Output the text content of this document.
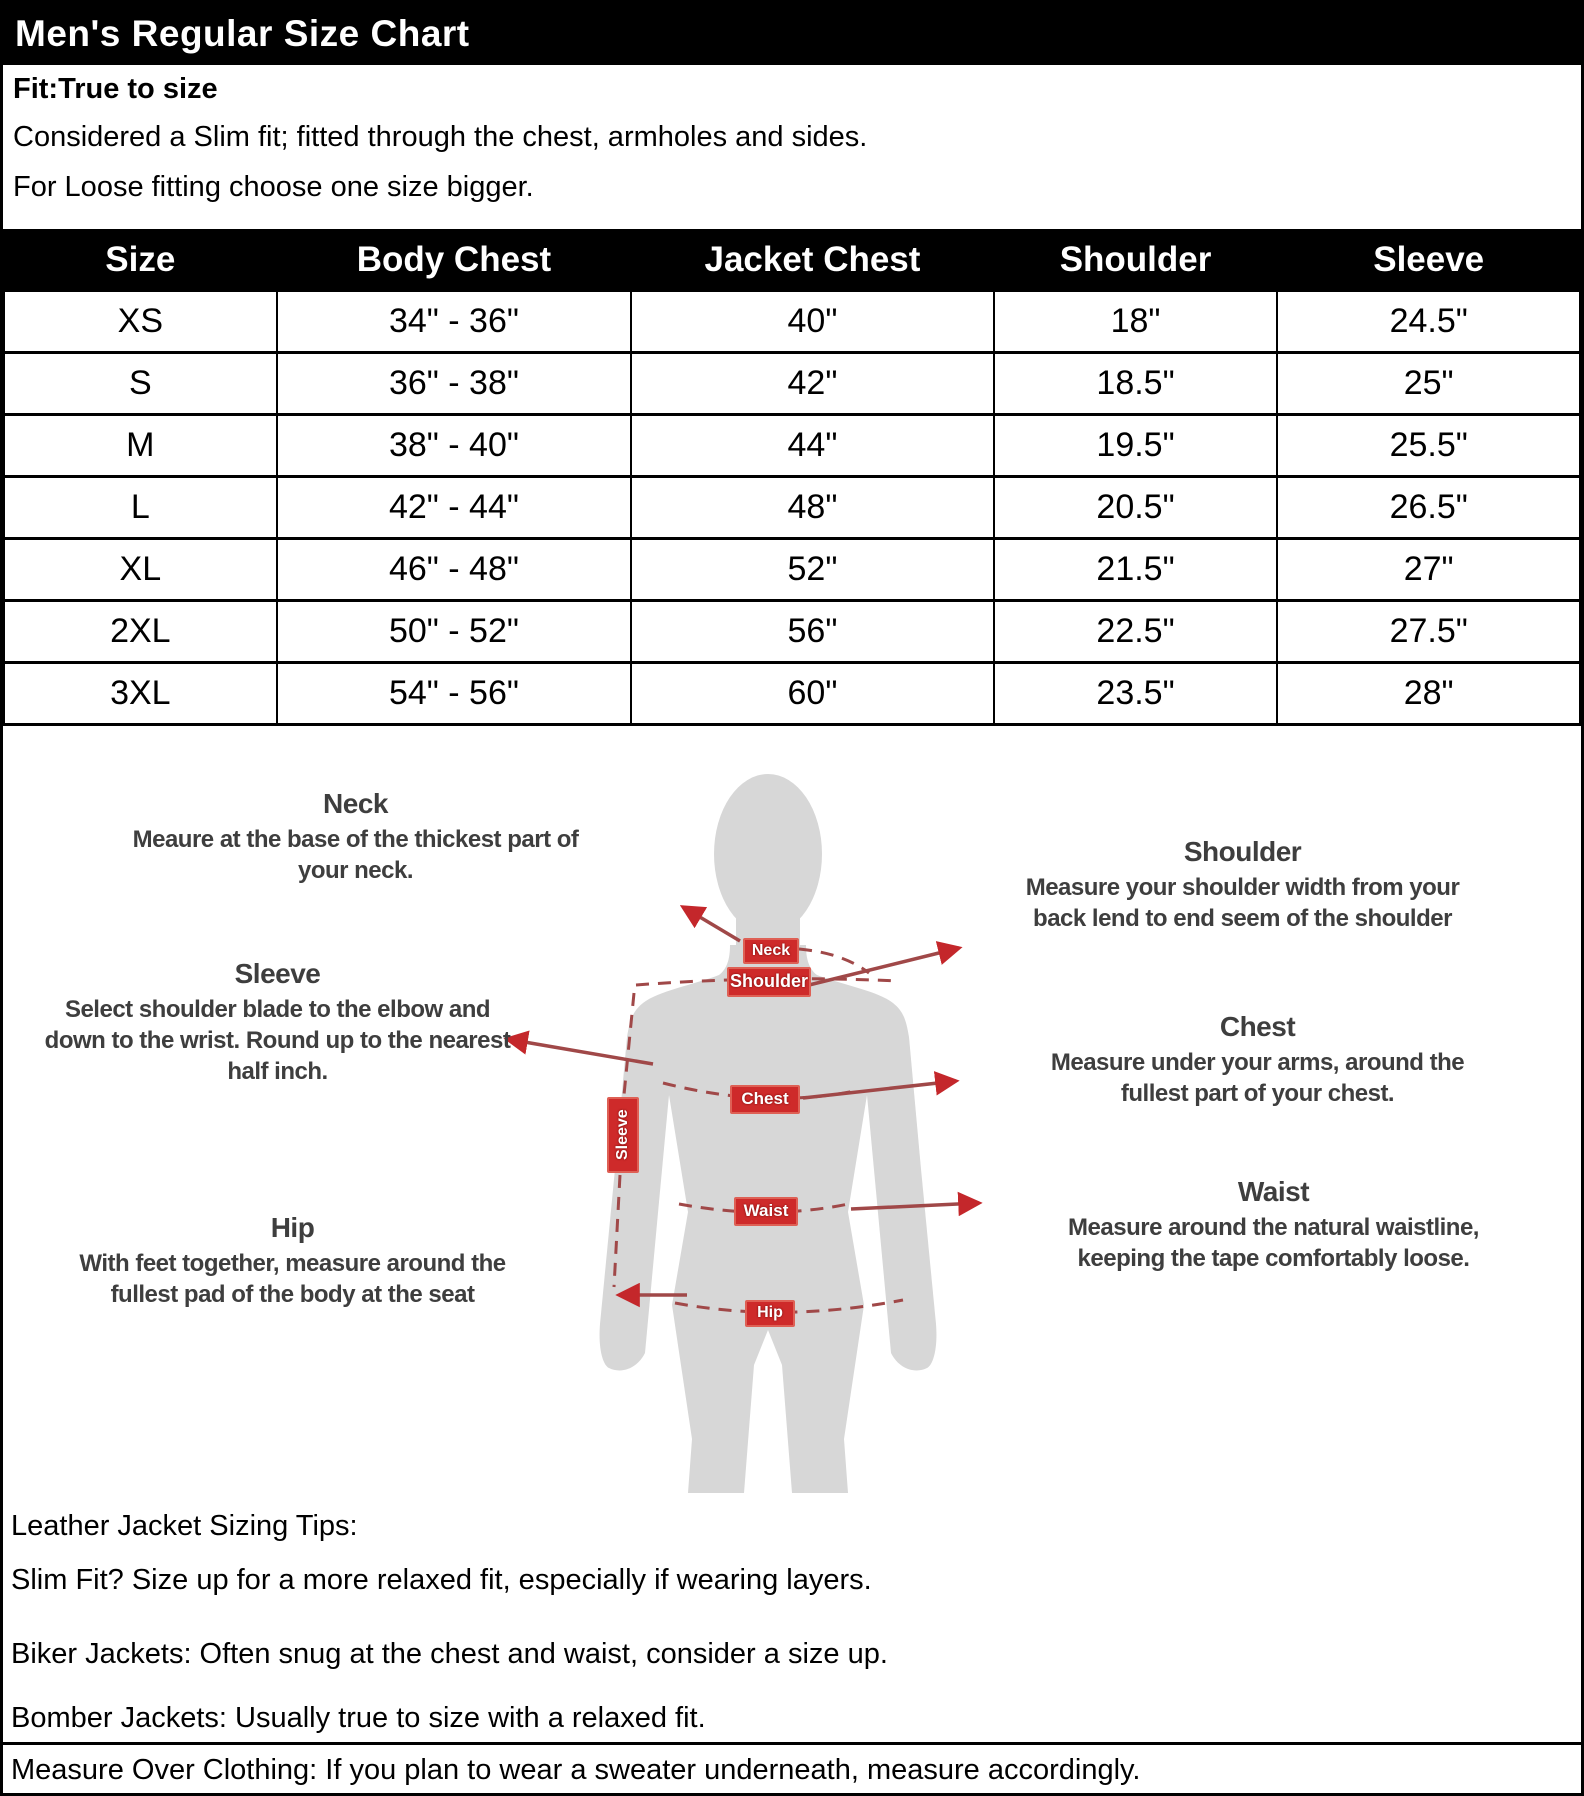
Men's Regular Size Chart
Fit:True to size
Considered a Slim fit; fitted through the chest, armholes and sides.
For Loose fitting choose one size bigger.
Size	Body Chest	Jacket Chest	Shoulder	Sleeve
XS	34" - 36"	40"	18"	24.5"
S	36" - 38"	42"	18.5"	25"
M	38" - 40"	44"	19.5"	25.5"
L	42" - 44"	48"	20.5"	26.5"
XL	46" - 48"	52"	21.5"	27"
2XL	50" - 52"	56"	22.5"	27.5"
3XL	54" - 56"	60"	23.5"	28"
Neck
Shoulder
Chest
Waist
Hip
Sleeve
Neck
Meaure at the base of the thickest part of your neck.
Sleeve
Select shoulder blade to the elbow and down to the wrist. Round up to the nearest half inch.
Hip
With feet together, measure around the fullest pad of the body at the seat
Shoulder
Measure your shoulder width from your back lend to end seem of the shoulder
Chest
Measure under your arms, around the fullest part of your chest.
Waist
Measure around the natural waistline, keeping the tape comfortably loose.
Leather Jacket Sizing Tips:
Slim Fit? Size up for a more relaxed fit, especially if wearing layers.
Biker Jackets: Often snug at the chest and waist, consider a size up.
Bomber Jackets: Usually true to size with a relaxed fit.
Measure Over Clothing: If you plan to wear a sweater underneath, measure accordingly.
